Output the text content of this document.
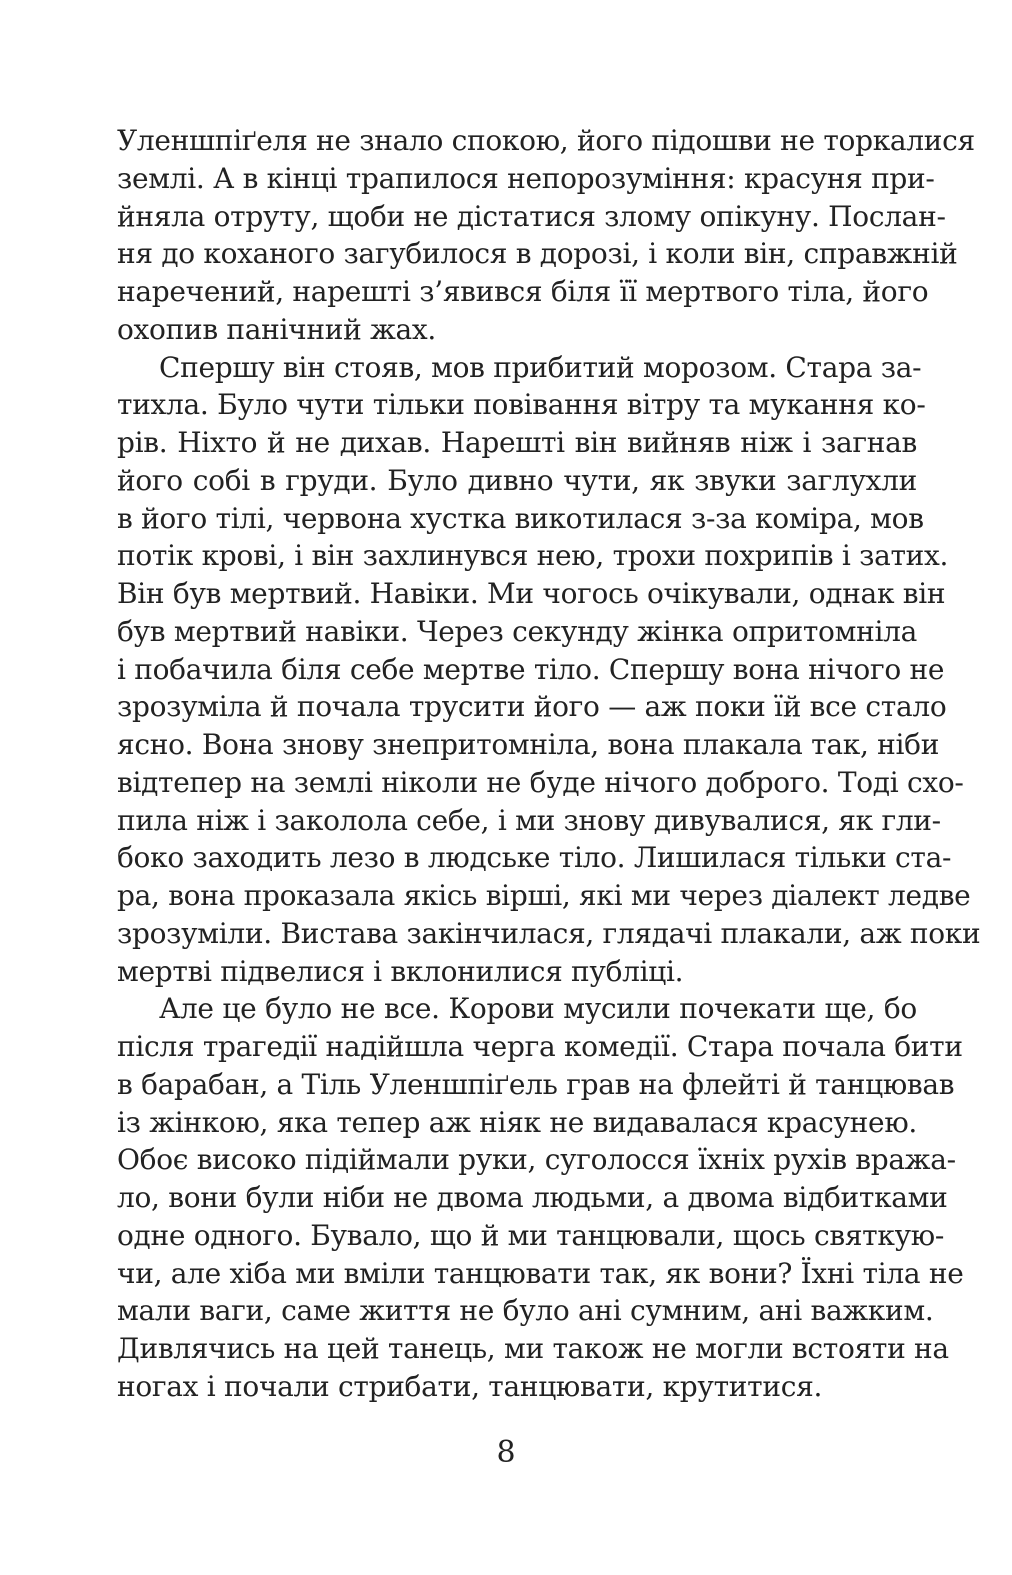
Уленшпіґеля не знало спокою, його підошви не торкалися
землі. А в кінці трапилося непорозуміння: красуня при-
йняла отруту, щоби не дістатися злому опікуну. Послан-
ня до коханого загубилося в дорозі, і коли він, справжній
наречений, нарешті з’явився біля її мертвого тіла, його
охопив панічний жах.
Спершу він стояв, мов прибитий морозом. Стара за-
тихла. Було чути тільки повівання вітру та мукання ко-
рів. Ніхто й не дихав. Нарешті він вийняв ніж і загнав
його собі в груди. Було дивно чути, як звуки заглухли
в його тілі, червона хустка викотилася з-за коміра, мов
потік крові, і він захлинувся нею, трохи похрипів і затих.
Він був мертвий. Навіки. Ми чогось очікували, однак він
був мертвий навіки. Через секунду жінка опритомніла
і побачила біля себе мертве тіло. Спершу вона нічого не
зрозуміла й почала трусити його — аж поки їй все стало
ясно. Вона знову знепритомніла, вона плакала так, ніби
відтепер на землі ніколи не буде нічого доброго. Тоді схо-
пила ніж і заколола себе, і ми знову дивувалися, як гли-
боко заходить лезо в людське тіло. Лишилася тільки ста-
ра, вона проказала якісь вірші, які ми через діалект ледве
зрозуміли. Вистава закінчилася, глядачі плакали, аж поки
мертві підвелися і вклонилися публіці.
Але це було не все. Корови мусили почекати ще, бо
після трагедії надійшла черга комедії. Стара почала бити
в барабан, а Тіль Уленшпіґель грав на флейті й танцював
із жінкою, яка тепер аж ніяк не видавалася красунею.
Обоє високо підіймали руки, суголосся їхніх рухів вража-
ло, вони були ніби не двома людьми, а двома відбитками
одне одного. Бувало, що й ми танцювали, щось святкую-
чи, але хіба ми вміли танцювати так, як вони? Їхні тіла не
мали ваги, саме життя не було ані сумним, ані важким.
Дивлячись на цей танець, ми також не могли встояти на
ногах і почали стрибати, танцювати, крутитися.
8
